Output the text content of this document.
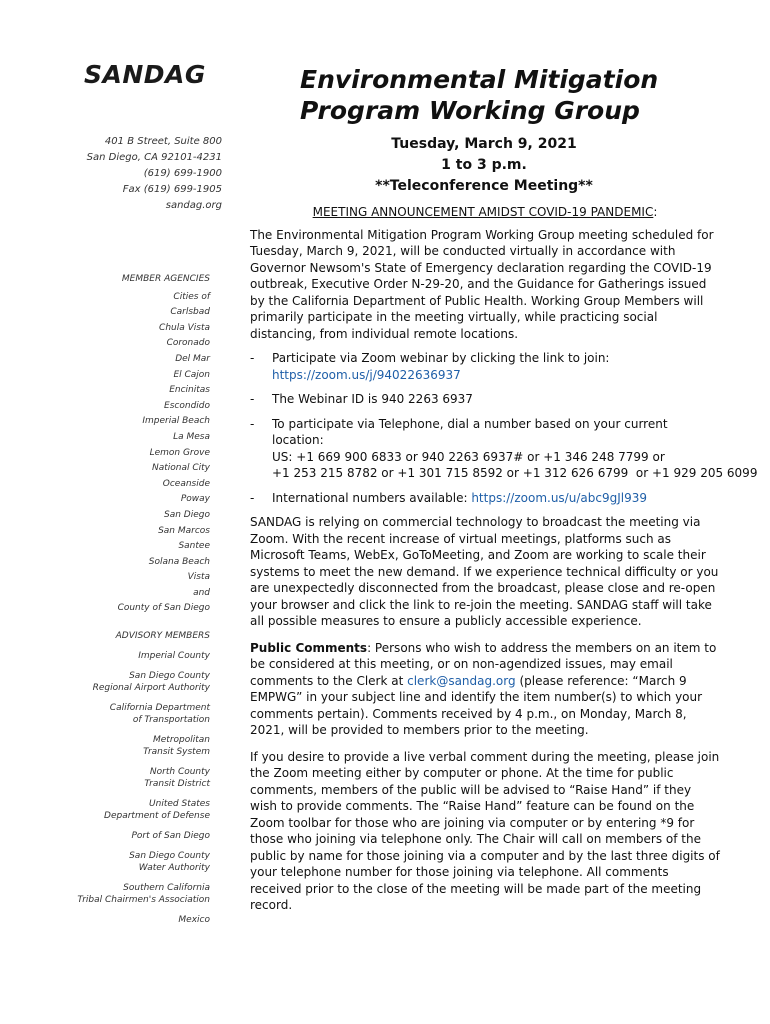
SANDAG	Environmental Mitigation
Program Working Group
401 B Street, Suite 800
San Diego, CA 92101-4231
(619) 699-1900
Fax (619) 699-1905
sandag.org
Tuesday, March 9, 2021
1 to 3 p.m.
**Teleconference Meeting**
MEMBER AGENCIES
Cities of
Carlsbad
Chula Vista
Coronado
Del Mar
El Cajon
Encinitas
Escondido
Imperial Beach
La Mesa
Lemon Grove
National City
Oceanside
Poway
San Diego
San Marcos
Santee
Solana Beach
Vista
and
County of San Diego
ADVISORY MEMBERS
Imperial County
San Diego County
Regional Airport Authority
California Department
of Transportation
Metropolitan
Transit System
North County
Transit District
United States
Department of Defense
Port of San Diego
San Diego County
Water Authority
Southern California
Tribal Chairmen's Association
Mexico

MEETING ANNOUNCEMENT AMIDST COVID-19 PANDEMIC:

The Environmental Mitigation Program Working Group meeting scheduled for Tuesday, March 9, 2021, will be conducted virtually in accordance with Governor Newsom's State of Emergency declaration regarding the COVID-19 outbreak, Executive Order N-29-20, and the Guidance for Gatherings issued by the California Department of Public Health. Working Group Members will primarily participate in the meeting virtually, while practicing social distancing, from individual remote locations.

- Participate via Zoom webinar by clicking the link to join:
https://zoom.us/j/94022636937
- The Webinar ID is 940 2263 6937
- To participate via Telephone, dial a number based on your current location:
US: +1 669 900 6833 or 940 2263 6937# or +1 346 248 7799 or
+1 253 215 8782 or +1 301 715 8592 or +1 312 626 6799  or +1 929 205 6099
- International numbers available: https://zoom.us/u/abc9gJl939

SANDAG is relying on commercial technology to broadcast the meeting via Zoom. With the recent increase of virtual meetings, platforms such as Microsoft Teams, WebEx, GoToMeeting, and Zoom are working to scale their systems to meet the new demand. If we experience technical difficulty or you are unexpectedly disconnected from the broadcast, please close and re-open your browser and click the link to re-join the meeting. SANDAG staff will take all possible measures to ensure a publicly accessible experience.

Public Comments: Persons who wish to address the members on an item to be considered at this meeting, or on non-agendized issues, may email comments to the Clerk at clerk@sandag.org (please reference: “March 9 EMPWG” in your subject line and identify the item number(s) to which your comments pertain). Comments received by 4 p.m., on Monday, March 8, 2021, will be provided to members prior to the meeting.

If you desire to provide a live verbal comment during the meeting, please join the Zoom meeting either by computer or phone. At the time for public comments, members of the public will be advised to “Raise Hand” if they wish to provide comments. The “Raise Hand” feature can be found on the Zoom toolbar for those who are joining via computer or by entering *9 for those who joining via telephone only. The Chair will call on members of the public by name for those joining via a computer and by the last three digits of your telephone number for those joining via telephone. All comments received prior to the close of the meeting will be made part of the meeting record.
